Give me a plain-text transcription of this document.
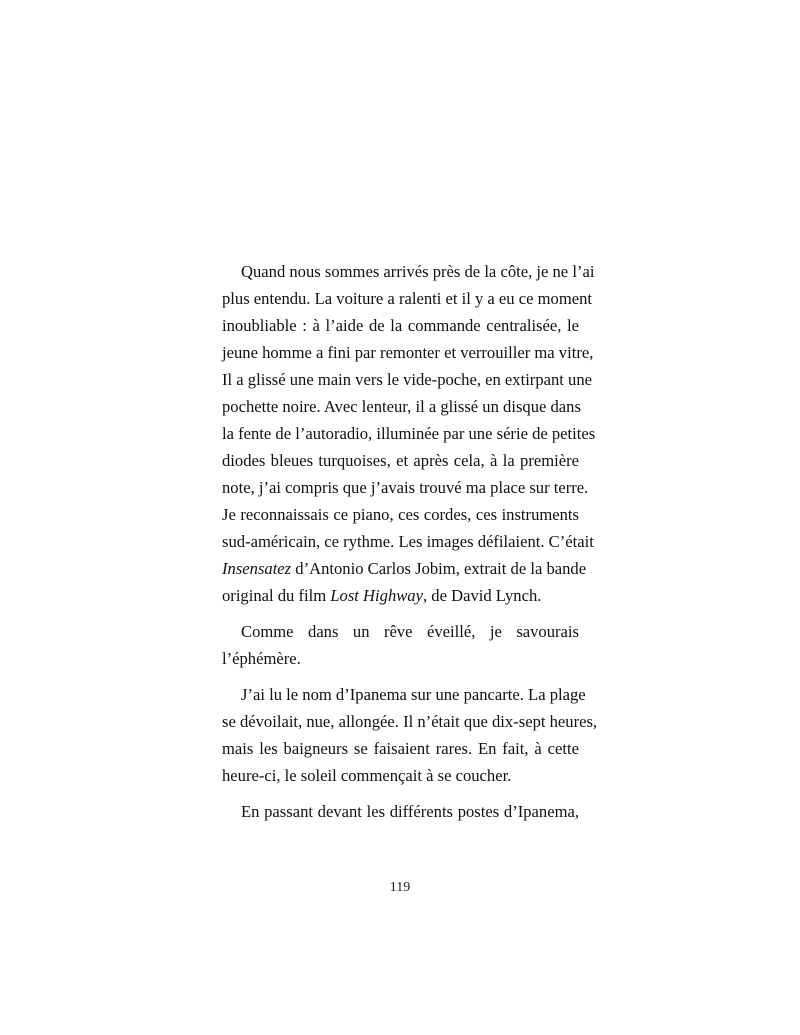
Quand nous sommes arrivés près de la côte, je ne l’ai
plus entendu. La voiture a ralenti et il y a eu ce moment
inoubliable : à l’aide de la commande centralisée, le
jeune homme a fini par remonter et verrouiller ma vitre,
Il a glissé une main vers le vide-poche, en extirpant une
pochette noire. Avec lenteur, il a glissé un disque dans
la fente de l’autoradio, illuminée par une série de petites
diodes bleues turquoises, et après cela, à la première
note, j’ai compris que j’avais trouvé ma place sur terre.
Je reconnaissais ce piano, ces cordes, ces instruments
sud-américain, ce rythme. Les images défilaient. C’était
Insensatez d’Antonio Carlos Jobim, extrait de la bande
original du film Lost Highway, de David Lynch.
Comme dans un rêve éveillé, je savourais
l’éphémère.
J’ai lu le nom d’Ipanema sur une pancarte. La plage
se dévoilait, nue, allongée. Il n’était que dix-sept heures,
mais les baigneurs se faisaient rares. En fait, à cette
heure-ci, le soleil commençait à se coucher.
En passant devant les différents postes d’Ipanema,
119
